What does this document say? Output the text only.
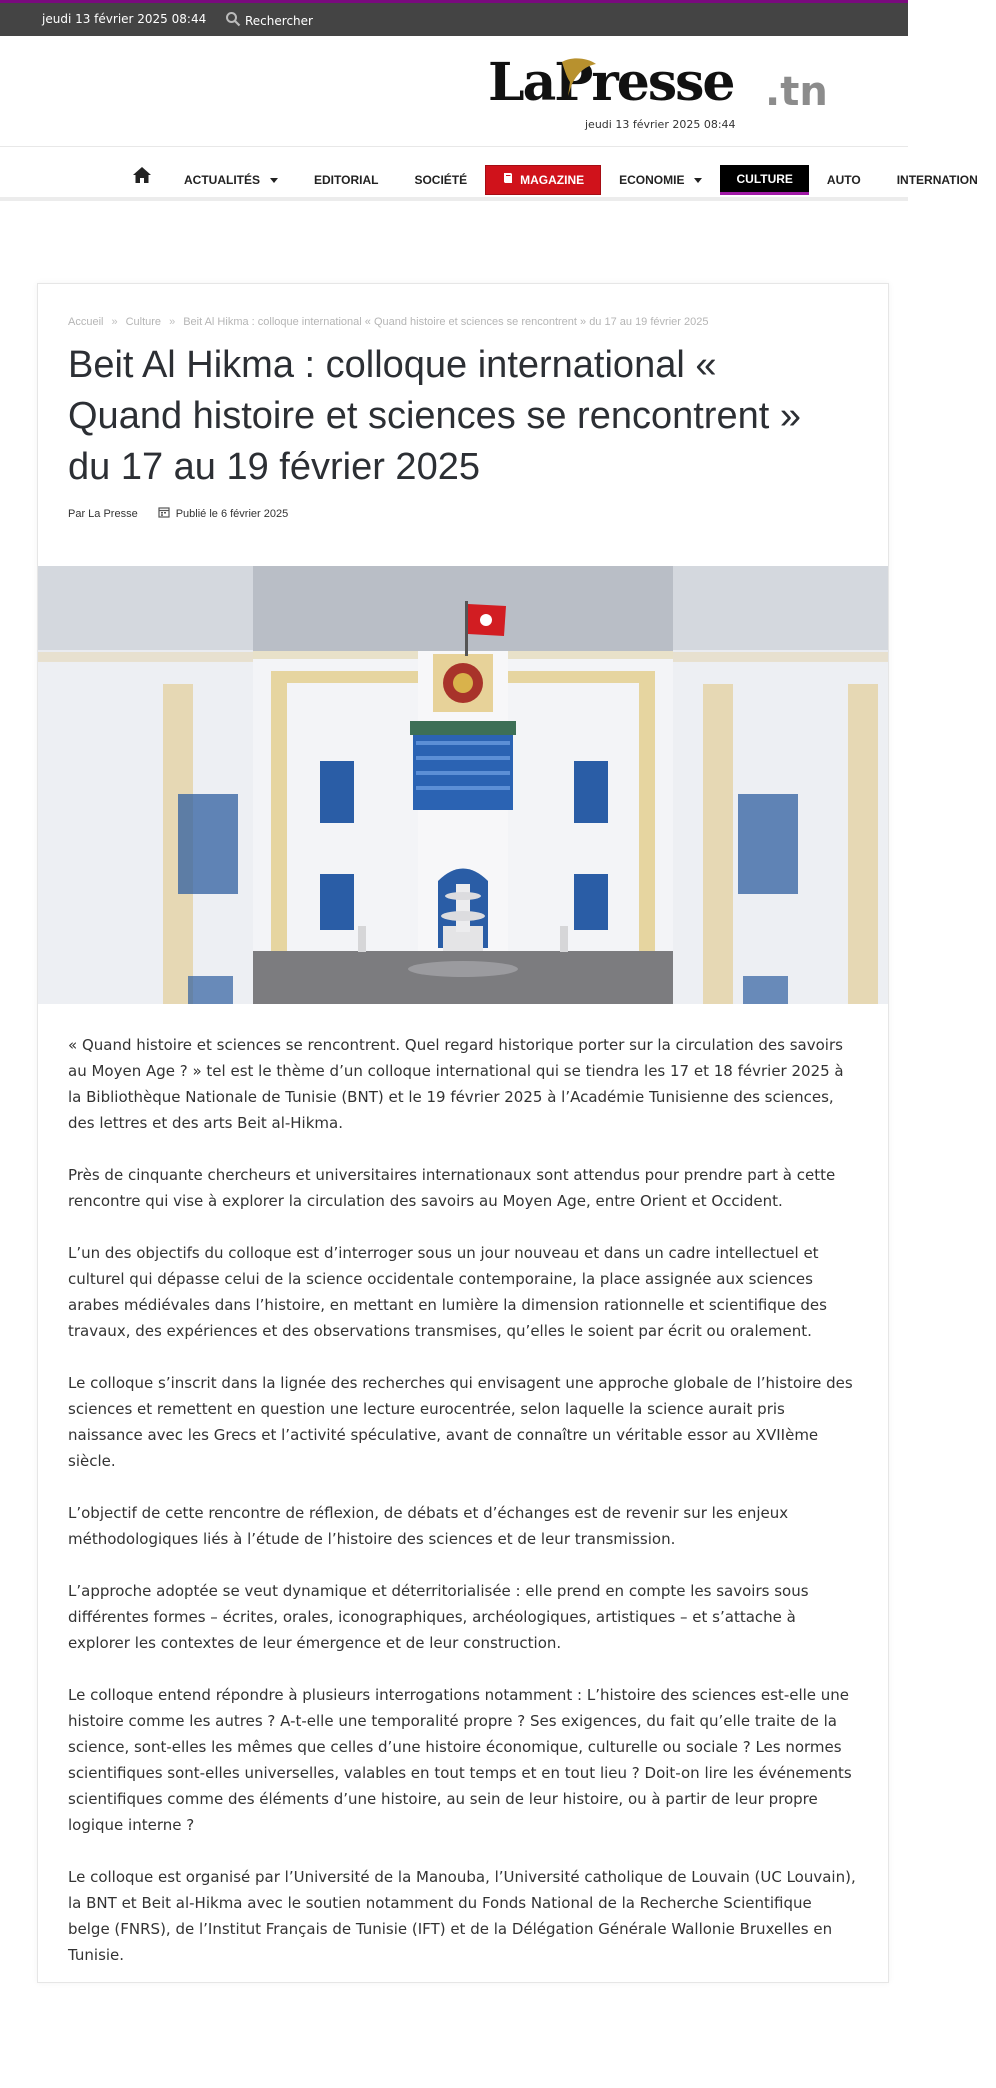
jeudi 13 février 2025 08:44	Rechercher
LaPresse .tn
jeudi 13 février 2025 08:44
ACTUALITÉS	EDITORIAL	SOCIÉTÉ	MAGAZINE	ECONOMIE	CULTURE	AUTO	INTERNATION
Accueil » Culture » Beit Al Hikma : colloque international « Quand histoire et sciences se rencontrent » du 17 au 19 février 2025
Beit Al Hikma : colloque international « Quand histoire et sciences se rencontrent » du 17 au 19 février 2025
Par La Presse	Publié le 6 février 2025

« Quand histoire et sciences se rencontrent. Quel regard historique porter sur la circulation des savoirs au Moyen Age ? » tel est le thème d’un colloque international qui se tiendra les 17 et 18 février 2025 à la Bibliothèque Nationale de Tunisie (BNT) et le 19 février 2025 à l’Académie Tunisienne des sciences, des lettres et des arts Beit al-Hikma.

Près de cinquante chercheurs et universitaires internationaux sont attendus pour prendre part à cette rencontre qui vise à explorer la circulation des savoirs au Moyen Age, entre Orient et Occident.

L’un des objectifs du colloque est d’interroger sous un jour nouveau et dans un cadre intellectuel et culturel qui dépasse celui de la science occidentale contemporaine, la place assignée aux sciences arabes médiévales dans l’histoire, en mettant en lumière la dimension rationnelle et scientifique des travaux, des expériences et des observations transmises, qu’elles le soient par écrit ou oralement.

Le colloque s’inscrit dans la lignée des recherches qui envisagent une approche globale de l’histoire des sciences et remettent en question une lecture eurocentrée, selon laquelle la science aurait pris naissance avec les Grecs et l’activité spéculative, avant de connaître un véritable essor au XVIIème siècle.

L’objectif de cette rencontre de réflexion, de débats et d’échanges est de revenir sur les enjeux méthodologiques liés à l’étude de l’histoire des sciences et de leur transmission.

L’approche adoptée se veut dynamique et déterritorialisée : elle prend en compte les savoirs sous différentes formes – écrites, orales, iconographiques, archéologiques, artistiques – et s’attache à explorer les contextes de leur émergence et de leur construction.

Le colloque entend répondre à plusieurs interrogations notamment : L’histoire des sciences est-elle une histoire comme les autres ? A-t-elle une temporalité propre ? Ses exigences, du fait qu’elle traite de la science, sont-elles les mêmes que celles d’une histoire économique, culturelle ou sociale ? Les normes scientifiques sont-elles universelles, valables en tout temps et en tout lieu ? Doit-on lire les événements scientifiques comme des éléments d’une histoire, au sein de leur histoire, ou à partir de leur propre logique interne ?

Le colloque est organisé par l’Université de la Manouba, l’Université catholique de Louvain (UC Louvain), la BNT et Beit al-Hikma avec le soutien notamment du Fonds National de la Recherche Scientifique belge (FNRS), de l’Institut Français de Tunisie (IFT) et de la Délégation Générale Wallonie Bruxelles en Tunisie.
